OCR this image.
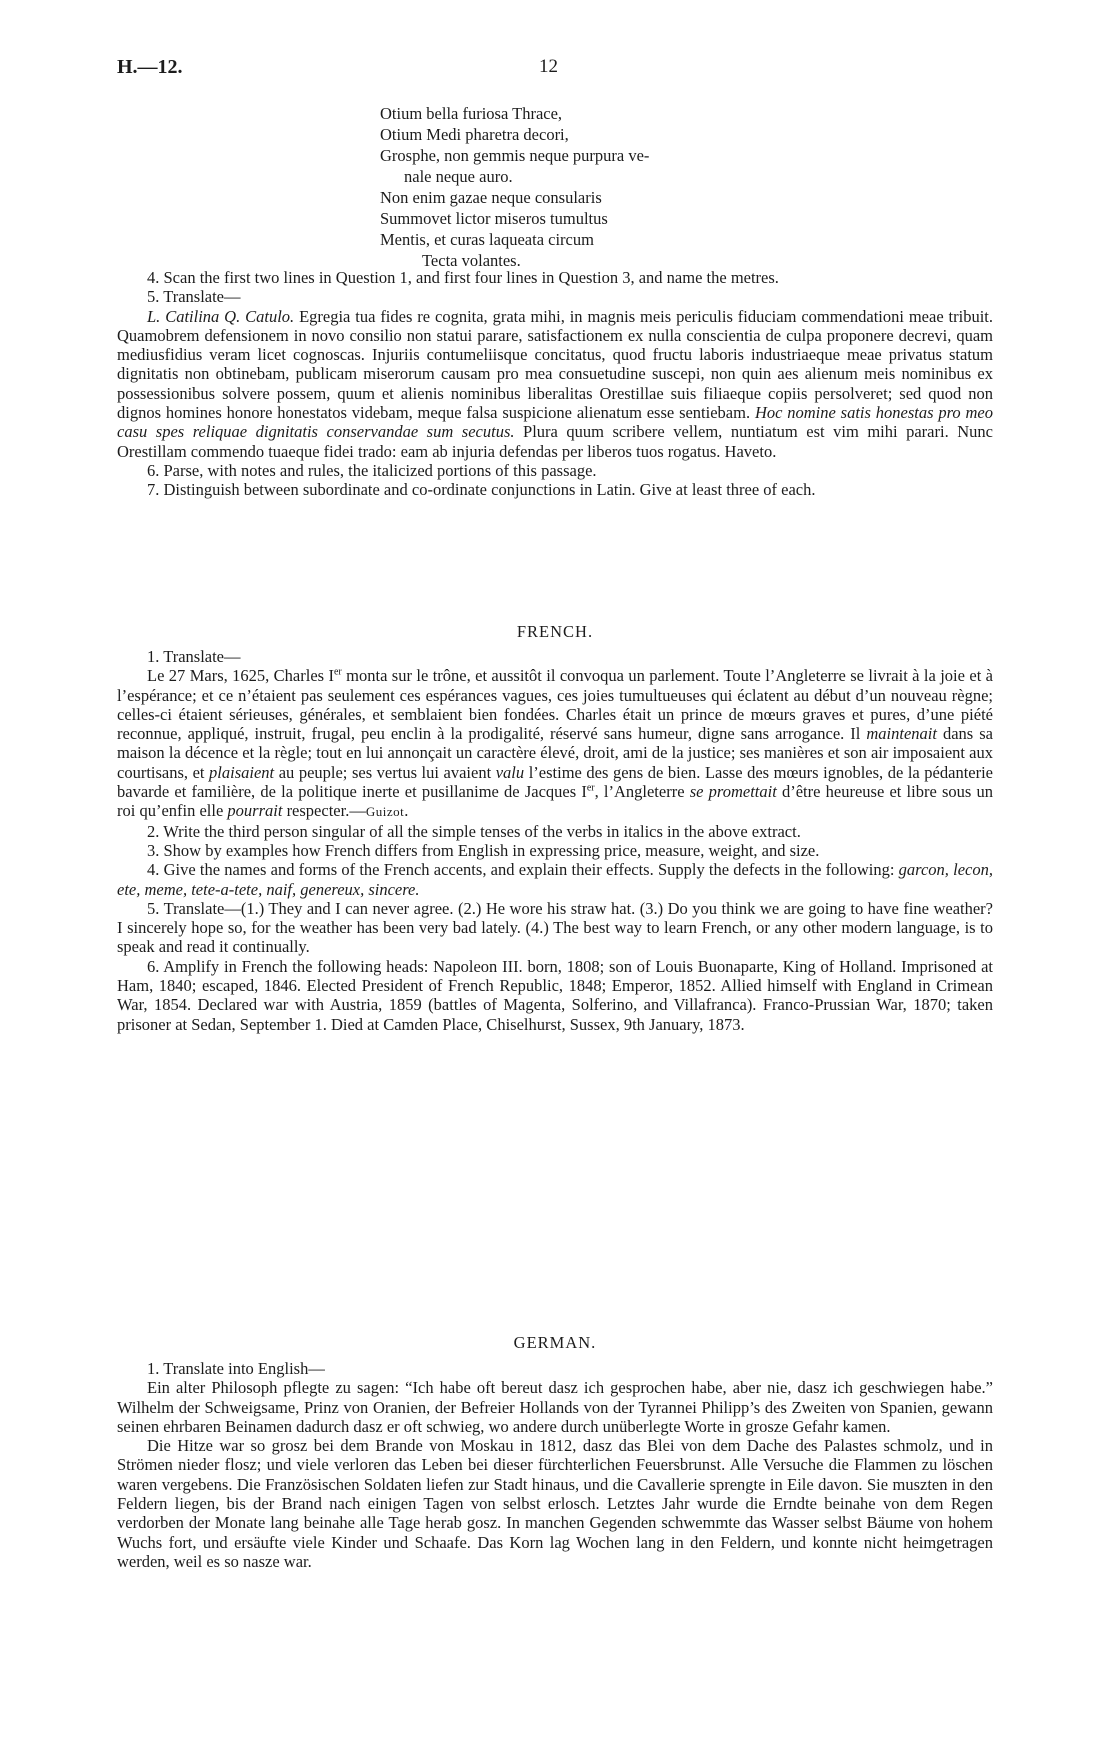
H.—12.	12
Otium bella furiosa Thrace,
Otium Medi pharetra decori,
Grosphe, non gemmis neque purpura ve-
nale neque auro.
Non enim gazae neque consularis
Summovet lictor miseros tumultus
Mentis, et curas laqueata circum
Tecta volantes.

4. Scan the first two lines in Question 1, and first four lines in Question 3, and name the metres.

5. Translate—

L. Catilina Q. Catulo. Egregia tua fides re cognita, grata mihi, in magnis meis periculis fiduciam commendationi meae tribuit. Quamobrem defensionem in novo consilio non statui parare, satisfactionem ex nulla conscientia de culpa proponere decrevi, quam mediusfidius veram licet cognoscas. Injuriis contumeliisque concitatus, quod fructu laboris industriaeque meae privatus statum dignitatis non obtinebam, publicam miserorum causam pro mea consuetudine suscepi, non quin aes alienum meis nominibus ex possessionibus solvere possem, quum et alienis nominibus liberalitas Orestillae suis filiaeque copiis persolveret; sed quod non dignos homines honore honestatos videbam, meque falsa suspicione alienatum esse sentiebam. Hoc nomine satis honestas pro meo casu spes reliquae dignitatis conservandae sum secutus. Plura quum scribere vellem, nuntiatum est vim mihi parari. Nunc Orestillam commendo tuaeque fidei trado: eam ab injuria defendas per liberos tuos rogatus. Haveto.

6. Parse, with notes and rules, the italicized portions of this passage.

7. Distinguish between subordinate and co-ordinate conjunctions in Latin. Give at least three of each.

FRENCH.

1. Translate—

Le 27 Mars, 1625, Charles Ier monta sur le trône, et aussitôt il convoqua un parlement. Toute l’Angleterre se livrait à la joie et à l’espérance; et ce n’étaient pas seulement ces espérances vagues, ces joies tumultueuses qui éclatent au début d’un nouveau règne; celles-ci étaient sérieuses, générales, et semblaient bien fondées. Charles était un prince de mœurs graves et pures, d’une piété reconnue, appliqué, instruit, frugal, peu enclin à la prodigalité, réservé sans humeur, digne sans arrogance. Il maintenait dans sa maison la décence et la règle; tout en lui annonçait un caractère élevé, droit, ami de la justice; ses manières et son air imposaient aux courtisans, et plaisaient au peuple; ses vertus lui avaient valu l’estime des gens de bien. Lasse des mœurs ignobles, de la pédanterie bavarde et familière, de la politique inerte et pusillanime de Jacques Ier, l’Angleterre se promettait d’être heureuse et libre sous un roi qu’enfin elle pourrait respecter.—Guizot.

2. Write the third person singular of all the simple tenses of the verbs in italics in the above extract.

3. Show by examples how French differs from English in expressing price, measure, weight, and size.

4. Give the names and forms of the French accents, and explain their effects. Supply the defects in the following: garcon, lecon, ete, meme, tete-a-tete, naif, genereux, sincere.

5. Translate—(1.) They and I can never agree. (2.) He wore his straw hat. (3.) Do you think we are going to have fine weather? I sincerely hope so, for the weather has been very bad lately. (4.) The best way to learn French, or any other modern language, is to speak and read it continually.

6. Amplify in French the following heads: Napoleon III. born, 1808; son of Louis Buonaparte, King of Holland. Imprisoned at Ham, 1840; escaped, 1846. Elected President of French Republic, 1848; Emperor, 1852. Allied himself with England in Crimean War, 1854. Declared war with Austria, 1859 (battles of Magenta, Solferino, and Villafranca). Franco-Prussian War, 1870; taken prisoner at Sedan, September 1. Died at Camden Place, Chiselhurst, Sussex, 9th January, 1873.

GERMAN.

1. Translate into English—

Ein alter Philosoph pflegte zu sagen: “Ich habe oft bereut dasz ich gesprochen habe, aber nie, dasz ich geschwiegen habe.” Wilhelm der Schweigsame, Prinz von Oranien, der Befreier Hollands von der Tyrannei Philipp’s des Zweiten von Spanien, gewann seinen ehrbaren Beinamen dadurch dasz er oft schwieg, wo andere durch unüberlegte Worte in grosze Gefahr kamen.

Die Hitze war so grosz bei dem Brande von Moskau in 1812, dasz das Blei von dem Dache des Palastes schmolz, und in Strömen nieder flosz; und viele verloren das Leben bei dieser fürchterlichen Feuersbrunst. Alle Versuche die Flammen zu löschen waren vergebens. Die Französischen Soldaten liefen zur Stadt hinaus, und die Cavallerie sprengte in Eile davon. Sie muszten in den Feldern liegen, bis der Brand nach einigen Tagen von selbst erlosch. Letztes Jahr wurde die Erndte beinahe von dem Regen verdorben der Monate lang beinahe alle Tage herab gosz. In manchen Gegenden schwemmte das Wasser selbst Bäume von hohem Wuchs fort, und ersäufte viele Kinder und Schaafe. Das Korn lag Wochen lang in den Feldern, und konnte nicht heimgetragen werden, weil es so nasze war.
